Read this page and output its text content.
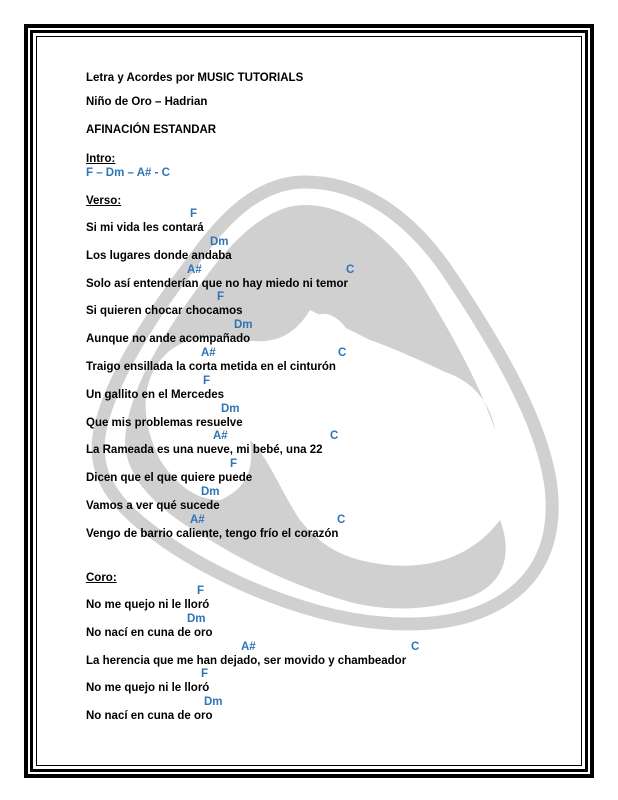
Letra y Acordes por MUSIC TUTORIALS
Niño de Oro – Hadrian
AFINACIÓN ESTANDAR
Intro:
F – Dm – A# - C
Verso:
F
Si mi vida les contará
Dm
Los lugares donde andaba
A#	C
Solo así entenderían que no hay miedo ni temor
F
Si quieren chocar chocamos
Dm
Aunque no ande acompañado
A#	C
Traigo ensillada la corta metida en el cinturón
F
Un gallito en el Mercedes
Dm
Que mis problemas resuelve
A#	C
La Rameada es una nueve, mi bebé, una 22
F
Dicen que el que quiere puede
Dm
Vamos a ver qué sucede
A#	C
Vengo de barrio caliente, tengo frío el corazón
Coro:
F
No me quejo ni le lloró
Dm
No nací en cuna de oro
A#	C
La herencia que me han dejado, ser movido y chambeador
F
No me quejo ni le lloró
Dm
No nací en cuna de oro
